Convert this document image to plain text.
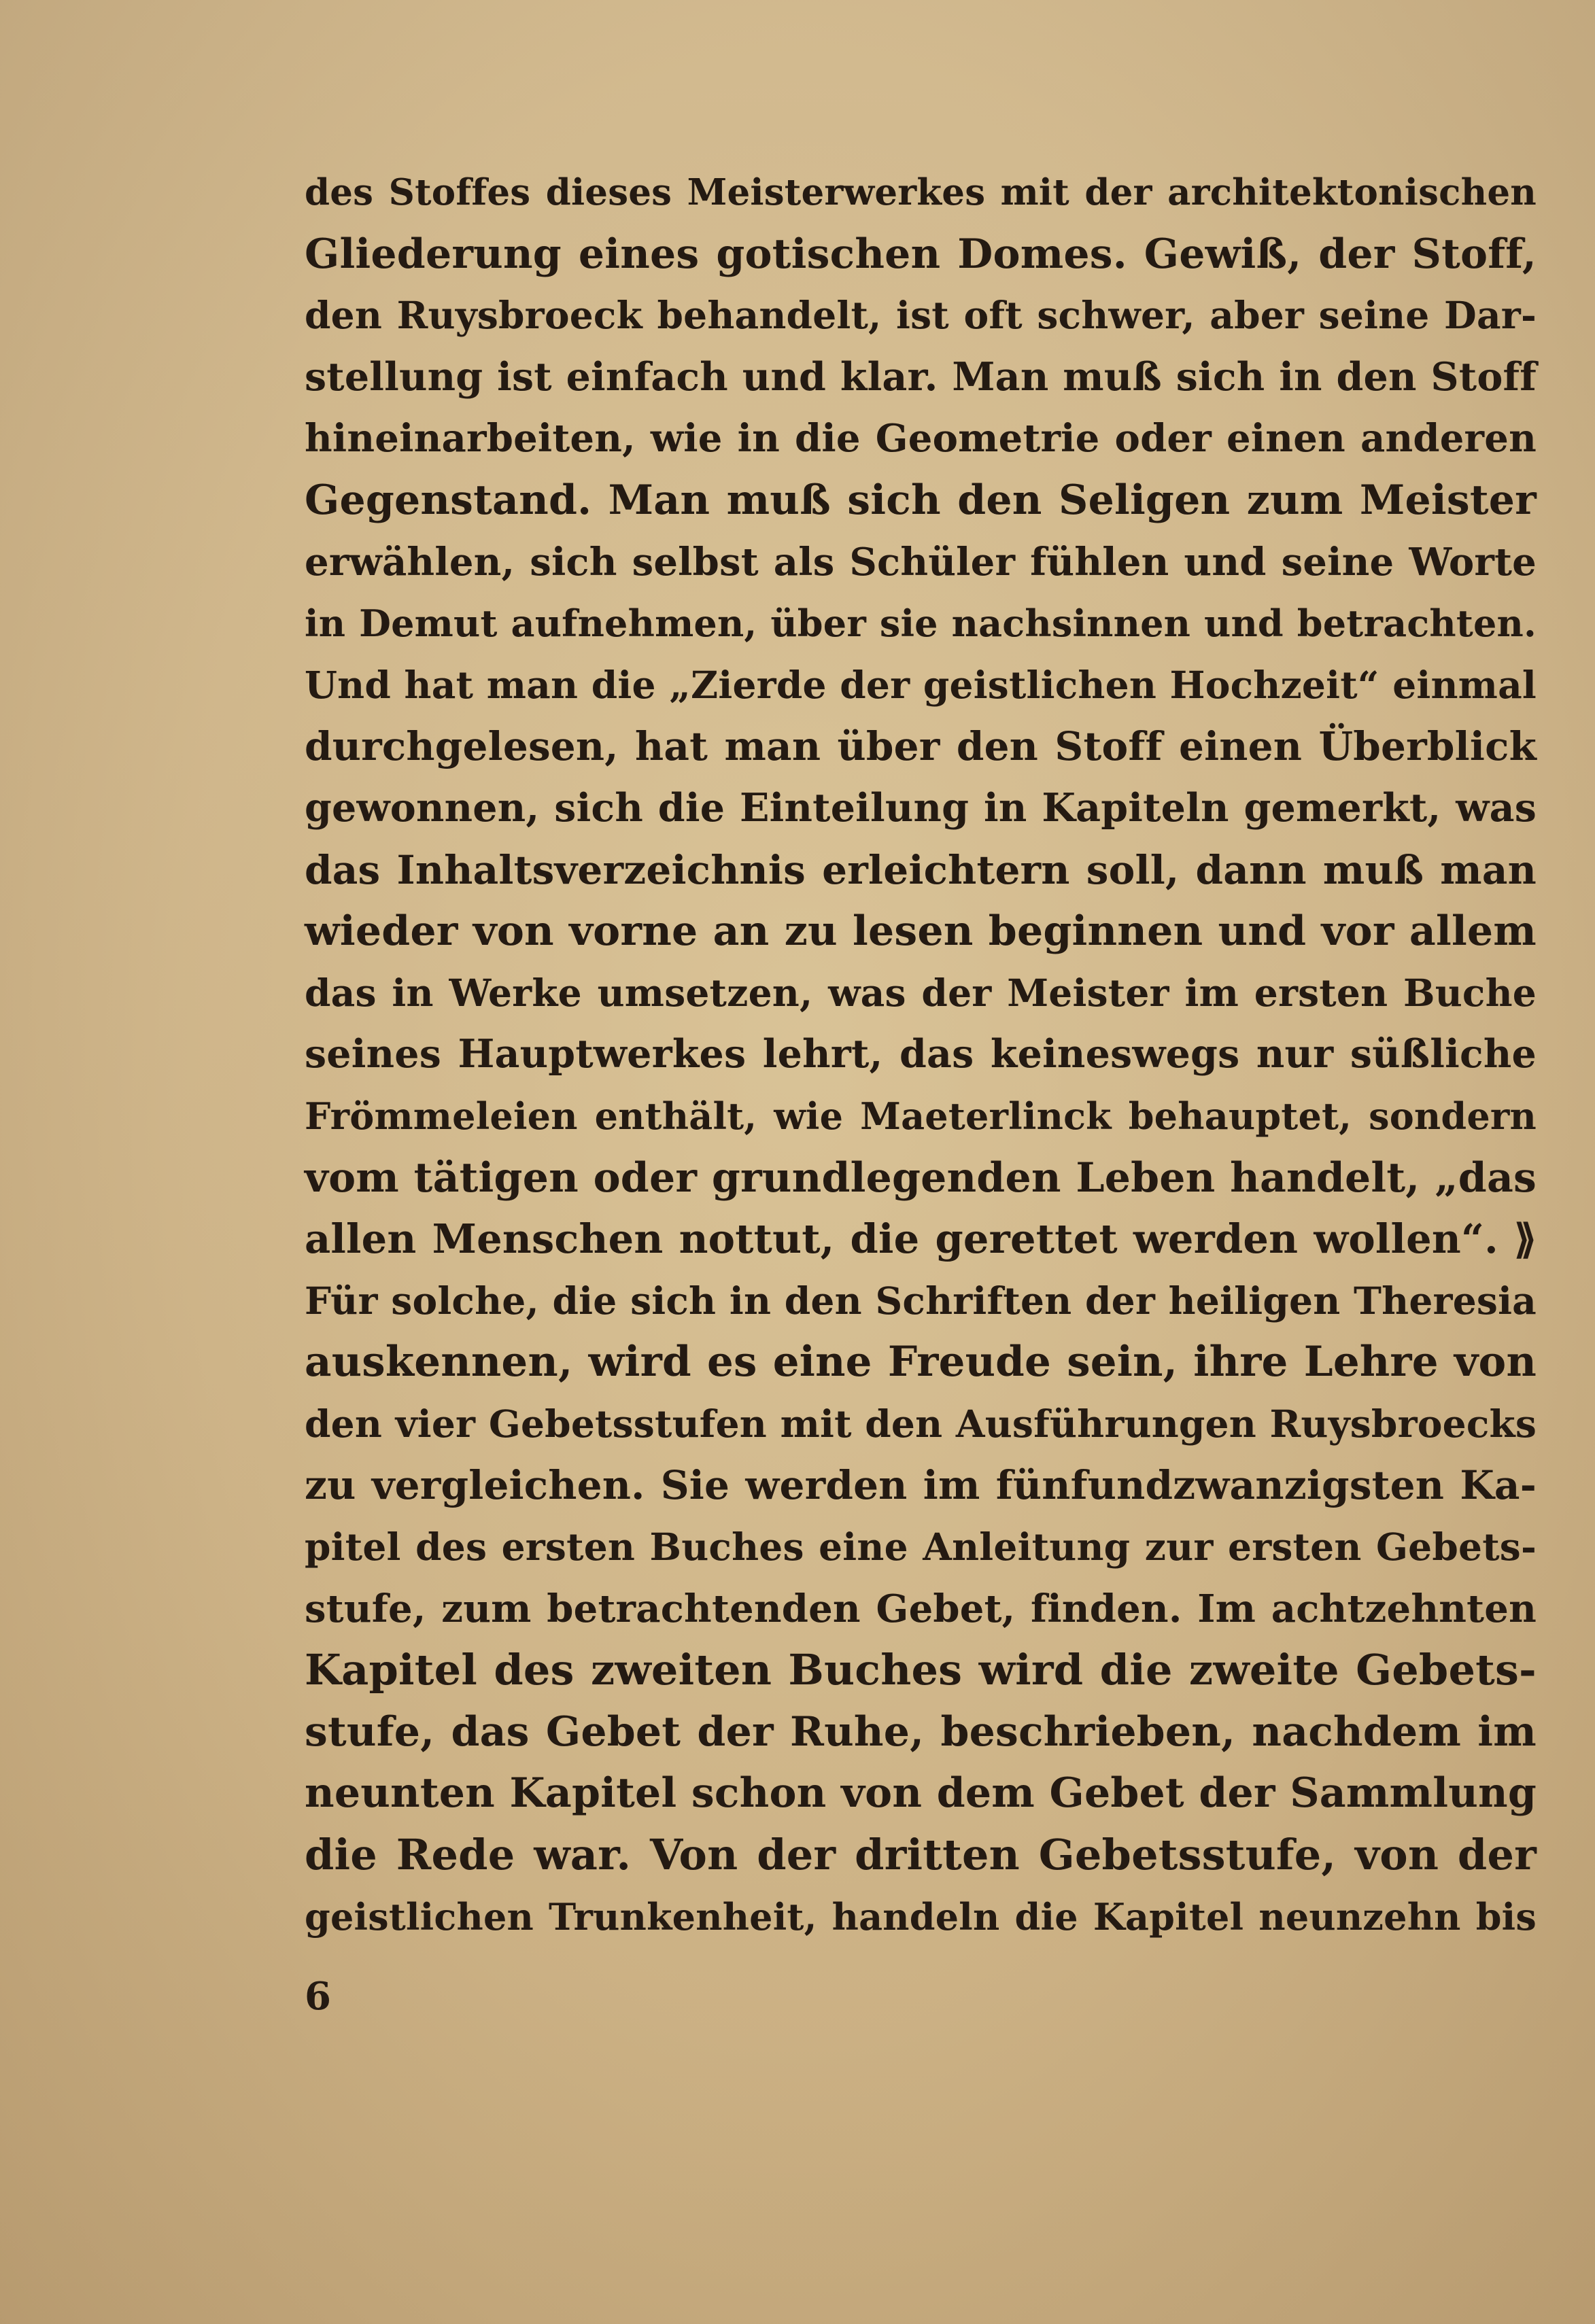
des Stoffes dieses Meisterwerkes mit der architektonischen
Gliederung eines gotischen Domes. Gewiß, der Stoff,
den Ruysbroeck behandelt, ist oft schwer, aber seine Dar-
stellung ist einfach und klar. Man muß sich in den Stoff
hineinarbeiten, wie in die Geometrie oder einen anderen
Gegenstand. Man muß sich den Seligen zum Meister
erwählen, sich selbst als Schüler fühlen und seine Worte
in Demut aufnehmen, über sie nachsinnen und betrachten.
Und hat man die „Zierde der geistlichen Hochzeit“ einmal
durchgelesen, hat man über den Stoff einen Überblick
gewonnen, sich die Einteilung in Kapiteln gemerkt, was
das Inhaltsverzeichnis erleichtern soll, dann muß man
wieder von vorne an zu lesen beginnen und vor allem
das in Werke umsetzen, was der Meister im ersten Buche
seines Hauptwerkes lehrt, das keineswegs nur süßliche
Frömmeleien enthält, wie Maeterlinck behauptet, sondern
vom tätigen oder grundlegenden Leben handelt, „das
allen Menschen nottut, die gerettet werden wollen“. ⟫
Für solche, die sich in den Schriften der heiligen Theresia
auskennen, wird es eine Freude sein, ihre Lehre von
den vier Gebetsstufen mit den Ausführungen Ruysbroecks
zu vergleichen. Sie werden im fünfundzwanzigsten Ka-
pitel des ersten Buches eine Anleitung zur ersten Gebets-
stufe, zum betrachtenden Gebet, finden. Im achtzehnten
Kapitel des zweiten Buches wird die zweite Gebets-
stufe, das Gebet der Ruhe, beschrieben, nachdem im
neunten Kapitel schon von dem Gebet der Sammlung
die Rede war. Von der dritten Gebetsstufe, von der
geistlichen Trunkenheit, handeln die Kapitel neunzehn bis
6
